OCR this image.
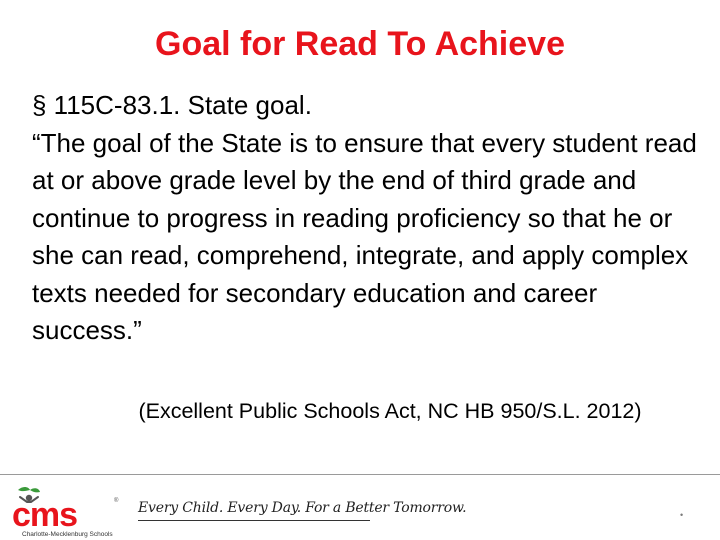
Goal for Read To Achieve

§ 115C-83.1. State goal.

“The goal of the State is to ensure that every student read at or above grade level by the end of third grade and continue to progress in reading proficiency so that he or she can read, comprehend, integrate, and apply complex texts needed for secondary education and career success.”

(Excellent Public Schools Act, NC HB 950/S.L. 2012)
cms	®
Charlotte-Mecklenburg Schools
Every Child. Every Day. For a Better Tomorrow.	•
